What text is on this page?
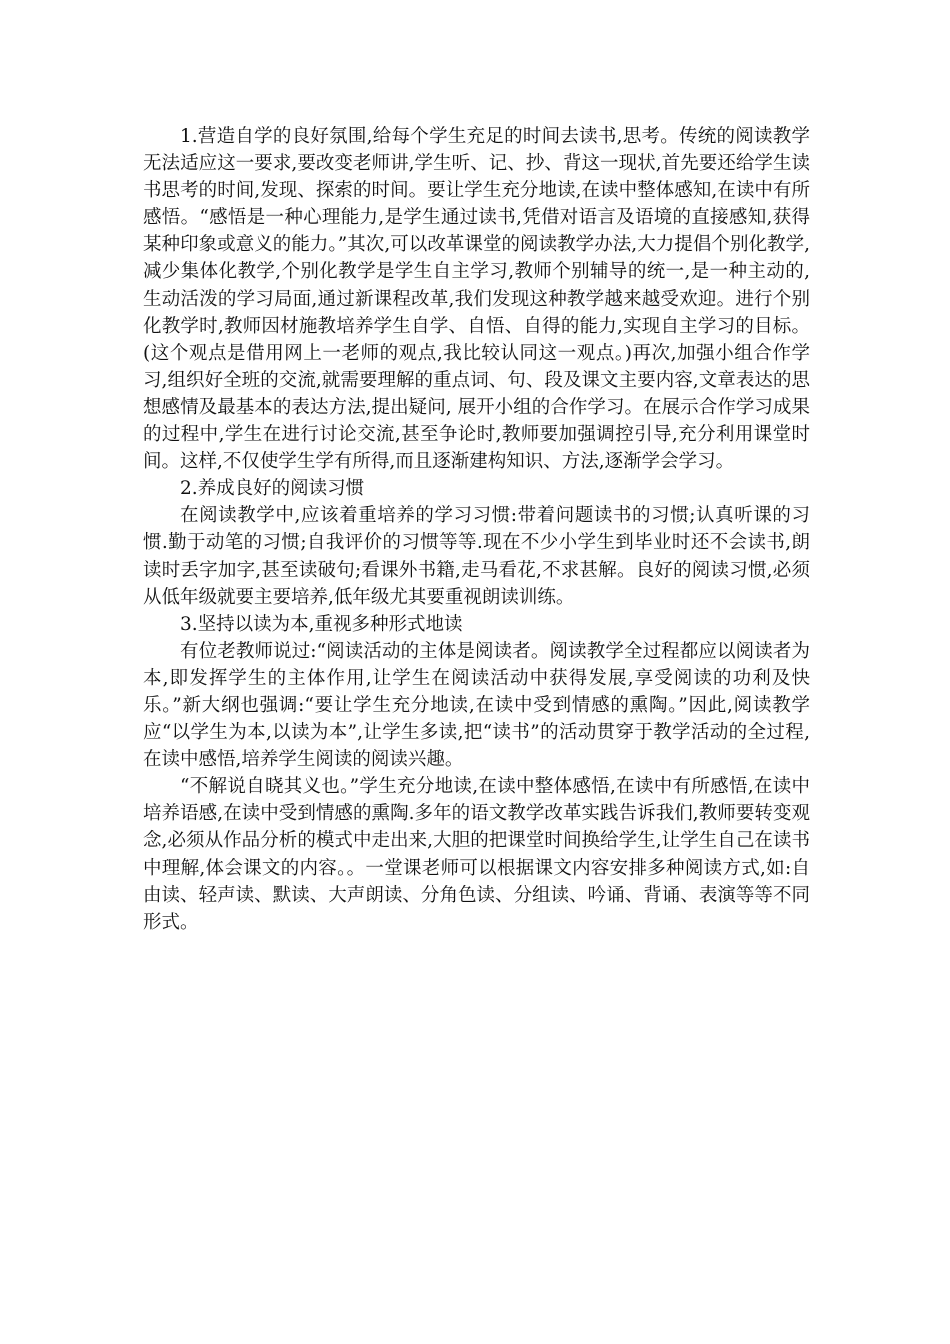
1.营造自学的良好氛围,给每个学生充足的时间去读书,思考。传统的阅读教学无法适应这一要求,要改变老师讲,学生听、记、抄、背这一现状,首先要还给学生读书思考的时间,发现、探索的时间。要让学生充分地读,在读中整体感知,在读中有所感悟。“感悟是一种心理能力,是学生通过读书,凭借对语言及语境的直接感知,获得某种印象或意义的能力。”其次,可以改革课堂的阅读教学办法,大力提倡个别化教学,减少集体化教学,个别化教学是学生自主学习,教师个别辅导的统一,是一种主动的,生动活泼的学习局面,通过新课程改革,我们发现这种教学越来越受欢迎。进行个别化教学时,教师因材施教培养学生自学、自悟、自得的能力,实现自主学习的目标。(这个观点是借用网上一老师的观点,我比较认同这一观点。)再次,加强小组合作学习,组织好全班的交流,就需要理解的重点词、句、段及课文主要内容,文章表达的思想感情及最基本的表达方法,提出疑问, 展开小组的合作学习。在展示合作学习成果的过程中,学生在进行讨论交流,甚至争论时,教师要加强调控引导,充分利用课堂时间。这样,不仅使学生学有所得,而且逐渐建构知识、方法,逐渐学会学习。

2.养成良好的阅读习惯

在阅读教学中,应该着重培养的学习习惯:带着问题读书的习惯;认真听课的习惯.勤于动笔的习惯;自我评价的习惯等等.现在不少小学生到毕业时还不会读书,朗读时丢字加字,甚至读破句;看课外书籍,走马看花,不求甚解。良好的阅读习惯,必须从低年级就要主要培养,低年级尤其要重视朗读训练。

3.坚持以读为本,重视多种形式地读

有位老教师说过:“阅读活动的主体是阅读者。阅读教学全过程都应以阅读者为本,即发挥学生的主体作用,让学生在阅读活动中获得发展,享受阅读的功利及快乐。”新大纲也强调:“要让学生充分地读,在读中受到情感的熏陶。”因此,阅读教学应“以学生为本,以读为本”,让学生多读,把“读书”的活动贯穿于教学活动的全过程,在读中感悟,培养学生阅读的阅读兴趣。

“不解说自晓其义也。”学生充分地读,在读中整体感悟,在读中有所感悟,在读中培养语感,在读中受到情感的熏陶.多年的语文教学改革实践告诉我们,教师要转变观念,必须从作品分析的模式中走出来,大胆的把课堂时间换给学生,让学生自己在读书中理解,体会课文的内容。。一堂课老师可以根据课文内容安排多种阅读方式,如:自由读、轻声读、默读、大声朗读、分角色读、分组读、吟诵、背诵、表演等等不同形式。
